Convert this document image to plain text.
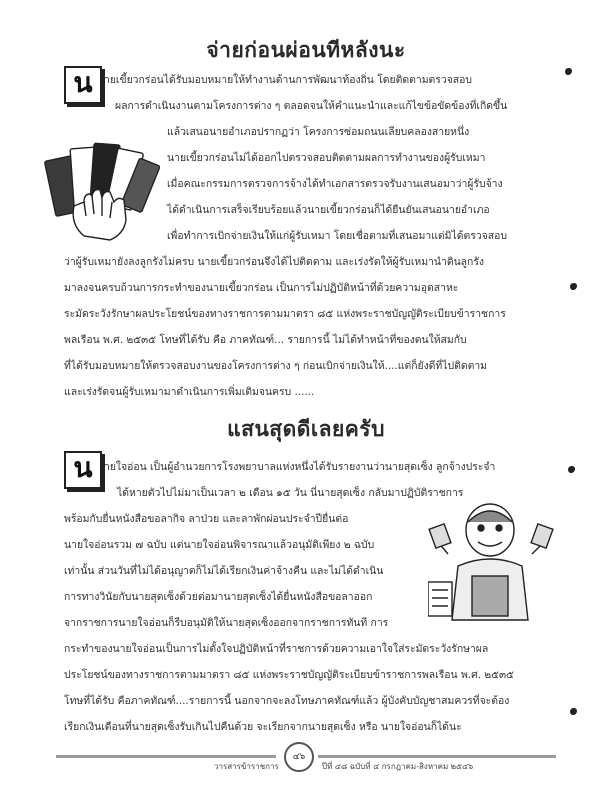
จ่ายก่อนผ่อนทีหลังนะ
น	ายเขี้ยวกร่อนได้รับมอบหมายให้ทำงานด้านการพัฒนาท้องถิ่น โดยติดตามตรวจสอบ
ผลการดำเนินงานตามโครงการต่าง ๆ ตลอดจนให้คำแนะนำและแก้ไขข้อขัดข้องที่เกิดขึ้น
แล้วเสนอนายอำเภอปรากฏว่า โครงการซ่อมถนนเลียบคลองสายหนึ่ง
นายเขี้ยวกร่อนไม่ได้ออกไปตรวจสอบติดตามผลการทำงานของผู้รับเหมา
เมื่อคณะกรรมการตรวจการจ้างได้ทำเอกสารตรวจรับงานเสนอมาว่าผู้รับจ้าง
ได้ดำเนินการเสร็จเรียบร้อยแล้วนายเขี้ยวกร่อนก็ได้ยืนยันเสนอนายอำเภอ
เพื่อทำการเบิกจ่ายเงินให้แก่ผู้รับเหมา โดยเชื่อตามที่เสนอมาแต่มิได้ตรวจสอบ
ว่าผู้รับเหมายังลงลูกรังไม่ครบ นายเขี้ยวกร่อนจึงได้ไปติดตาม และเร่งรัดให้ผู้รับเหมานำดินลูกรัง
มาลงจนครบถ้วนการกระทำของนายเขี้ยวกร่อน เป็นการไม่ปฏิบัติหน้าที่ด้วยความอุตสาหะ
ระมัดระวังรักษาผลประโยชน์ของทางราชการตามมาตรา ๘๕ แห่งพระราชบัญญัติระเบียบข้าราชการ
พลเรือน พ.ศ. ๒๕๓๕ โทษที่ได้รับ คือ ภาคทัณฑ์... รายการนี้ ไม่ได้ทำหน้าที่ของตนให้สมกับ
ที่ได้รับมอบหมายให้ตรวจสอบงานของโครงการต่าง ๆ ก่อนเบิกจ่ายเงินให้....แต่ก็ยังดีที่ไปติดตาม
และเร่งรัดจนผู้รับเหมามาดำเนินการเพิ่มเติมจนครบ ......
แสนสุดดีเลยครับ
น	ายใจอ่อน เป็นผู้อำนวยการโรงพยาบาลแห่งหนึ่งได้รับรายงานว่านายสุดเซ็ง ลูกจ้างประจำ
ได้หายตัวไปไม่มาเป็นเวลา ๒ เดือน ๑๕ วัน นี่นายสุดเซ็ง กลับมาปฏิบัติราชการ
พร้อมกับยื่นหนังสือขอลากิจ ลาป่วย และลาพักผ่อนประจำปียื่นต่อ
นายใจอ่อนรวม ๗ ฉบับ แต่นายใจอ่อนพิจารณาแล้วอนุมัติเพียง ๒ ฉบับ
เท่านั้น ส่วนวันที่ไม่ได้อนุญาตก็ไม่ได้เรียกเงินค่าจ้างคืน และไม่ได้ดำเนิน
การทางวินัยกับนายสุดเซ็งด้วยต่อมานายสุดเซ็งได้ยื่นหนังสือขอลาออก
จากราชการนายใจอ่อนก็รีบอนุมัติให้นายสุดเซ็งออกจากราชการทันที การ
กระทำของนายใจอ่อนเป็นการไม่ตั้งใจปฏิบัติหน้าที่ราชการด้วยความเอาใจใส่ระมัดระวังรักษาผล
ประโยชน์ของทางราชการตามมาตรา ๘๕ แห่งพระราชบัญญัติระเบียบข้าราชการพลเรือน พ.ศ. ๒๕๓๕
โทษที่ได้รับ คือภาคทัณฑ์....รายการนี้ นอกจากจะลงโทษภาคทัณฑ์แล้ว ผู้บังคับบัญชาสมควรที่จะต้อง
เรียกเงินเดือนที่นายสุดเซ็งรับเกินไปคืนด้วย จะเรียกจากนายสุดเซ็ง หรือ นายใจอ่อนก็ได้นะ
วารสารข้าราชการ
๔๖
ปีที่ ๔๘ ฉบับที่ ๔ กรกฎาคม-สิงหาคม ๒๕๔๖
